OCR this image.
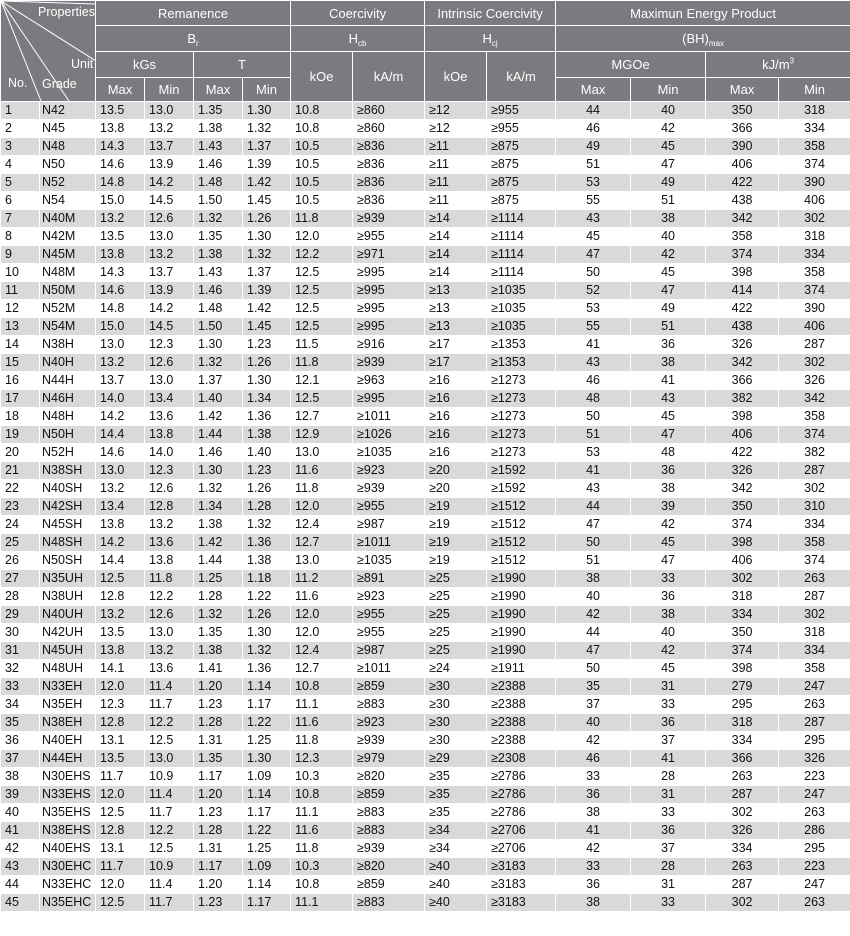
Properties
Unit
Grade
No.		Remanence				Coercivity		Intrinsic Coercivity		Maximun Energy Product			
		$B_r$				$H_{cb}$		$H_{cj}$		$(BH)_{max}$
		kGs		T		kOe	kA/m	kOe	kA/m	MGOe		$kJ/m^3$
		Max	Min	Max	Min					Max	Min	Max	Min
1	N42	13.5	13.0	1.35	1.30	10.8	≥860	≥12	≥955	44	40	350	318
2	N45	13.8	13.2	1.38	1.32	10.8	≥860	≥12	≥955	46	42	366	334
3	N48	14.3	13.7	1.43	1.37	10.5	≥836	≥11	≥875	49	45	390	358
4	N50	14.6	13.9	1.46	1.39	10.5	≥836	≥11	≥875	51	47	406	374
5	N52	14.8	14.2	1.48	1.42	10.5	≥836	≥11	≥875	53	49	422	390
6	N54	15.0	14.5	1.50	1.45	10.5	≥836	≥11	≥875	55	51	438	406
7	N40M	13.2	12.6	1.32	1.26	11.8	≥939	≥14	≥1114	43	38	342	302
8	N42M	13.5	13.0	1.35	1.30	12.0	≥955	≥14	≥1114	45	40	358	318
9	N45M	13.8	13.2	1.38	1.32	12.2	≥971	≥14	≥1114	47	42	374	334
10	N48M	14.3	13.7	1.43	1.37	12.5	≥995	≥14	≥1114	50	45	398	358
11	N50M	14.6	13.9	1.46	1.39	12.5	≥995	≥13	≥1035	52	47	414	374
12	N52M	14.8	14.2	1.48	1.42	12.5	≥995	≥13	≥1035	53	49	422	390
13	N54M	15.0	14.5	1.50	1.45	12.5	≥995	≥13	≥1035	55	51	438	406
14	N38H	13.0	12.3	1.30	1.23	11.5	≥916	≥17	≥1353	41	36	326	287
15	N40H	13.2	12.6	1.32	1.26	11.8	≥939	≥17	≥1353	43	38	342	302
16	N44H	13.7	13.0	1.37	1.30	12.1	≥963	≥16	≥1273	46	41	366	326
17	N46H	14.0	13.4	1.40	1.34	12.5	≥995	≥16	≥1273	48	43	382	342
18	N48H	14.2	13.6	1.42	1.36	12.7	≥1011	≥16	≥1273	50	45	398	358
19	N50H	14.4	13.8	1.44	1.38	12.9	≥1026	≥16	≥1273	51	47	406	374
20	N52H	14.6	14.0	1.46	1.40	13.0	≥1035	≥16	≥1273	53	48	422	382
21	N38SH	13.0	12.3	1.30	1.23	11.6	≥923	≥20	≥1592	41	36	326	287
22	N40SH	13.2	12.6	1.32	1.26	11.8	≥939	≥20	≥1592	43	38	342	302
23	N42SH	13.4	12.8	1.34	1.28	12.0	≥955	≥19	≥1512	44	39	350	310
24	N45SH	13.8	13.2	1.38	1.32	12.4	≥987	≥19	≥1512	47	42	374	334
25	N48SH	14.2	13.6	1.42	1.36	12.7	≥1011	≥19	≥1512	50	45	398	358
26	N50SH	14.4	13.8	1.44	1.38	13.0	≥1035	≥19	≥1512	51	47	406	374
27	N35UH	12.5	11.8	1.25	1.18	11.2	≥891	≥25	≥1990	38	33	302	263
28	N38UH	12.8	12.2	1.28	1.22	11.6	≥923	≥25	≥1990	40	36	318	287
29	N40UH	13.2	12.6	1.32	1.26	12.0	≥955	≥25	≥1990	42	38	334	302
30	N42UH	13.5	13.0	1.35	1.30	12.0	≥955	≥25	≥1990	44	40	350	318
31	N45UH	13.8	13.2	1.38	1.32	12.4	≥987	≥25	≥1990	47	42	374	334
32	N48UH	14.1	13.6	1.41	1.36	12.7	≥1011	≥24	≥1911	50	45	398	358
33	N33EH	12.0	11.4	1.20	1.14	10.8	≥859	≥30	≥2388	35	31	279	247
34	N35EH	12.3	11.7	1.23	1.17	11.1	≥883	≥30	≥2388	37	33	295	263
35	N38EH	12.8	12.2	1.28	1.22	11.6	≥923	≥30	≥2388	40	36	318	287
36	N40EH	13.1	12.5	1.31	1.25	11.8	≥939	≥30	≥2388	42	37	334	295
37	N44EH	13.5	13.0	1.35	1.30	12.3	≥979	≥29	≥2308	46	41	366	326
38	N30EHS	11.7	10.9	1.17	1.09	10.3	≥820	≥35	≥2786	33	28	263	223
39	N33EHS	12.0	11.4	1.20	1.14	10.8	≥859	≥35	≥2786	36	31	287	247
40	N35EHS	12.5	11.7	1.23	1.17	11.1	≥883	≥35	≥2786	38	33	302	263
41	N38EHS	12.8	12.2	1.28	1.22	11.6	≥883	≥34	≥2706	41	36	326	286
42	N40EHS	13.1	12.5	1.31	1.25	11.8	≥939	≥34	≥2706	42	37	334	295
43	N30EHC	11.7	10.9	1.17	1.09	10.3	≥820	≥40	≥3183	33	28	263	223
44	N33EHC	12.0	11.4	1.20	1.14	10.8	≥859	≥40	≥3183	36	31	287	247
45	N35EHC	12.5	11.7	1.23	1.17	11.1	≥883	≥40	≥3183	38	33	302	263
